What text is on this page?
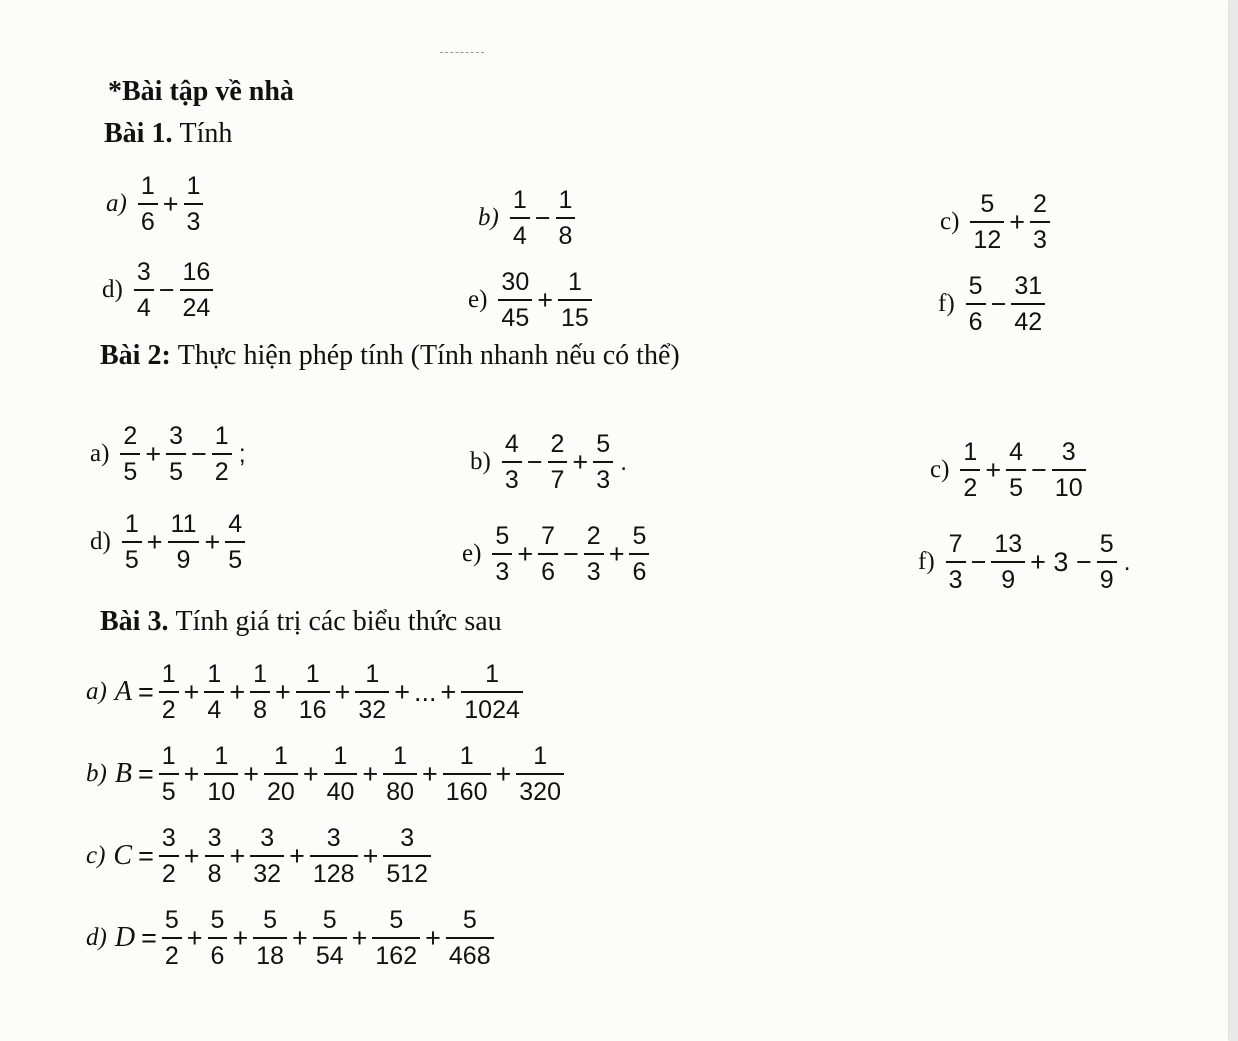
*Bài tập về nhà
Bài 1. Tính
$a) \frac{1}{6} + \frac{1}{3}$	$b) \frac{1}{4} - \frac{1}{8}$	$c) \frac{5}{12} + \frac{2}{3}$
$d) \frac{3}{4} - \frac{16}{24}$	$e) \frac{30}{45} + \frac{1}{15}$	$f) \frac{5}{6} - \frac{31}{42}$
Bài 2: Thực hiện phép tính (Tính nhanh nếu có thể)
$a) \frac{2}{5} + \frac{3}{5} - \frac{1}{2}$ ;	$b) \frac{4}{3} - \frac{2}{7} + \frac{5}{3}$ .	$c) \frac{1}{2} + \frac{4}{5} - \frac{3}{10}$
$d) \frac{1}{5} + \frac{11}{9} + \frac{4}{5}$	$e) \frac{5}{3} + \frac{7}{6} - \frac{2}{3} + \frac{5}{6}$	$f) \frac{7}{3} - \frac{13}{9} + 3 - \frac{5}{9}$ .
Bài 3. Tính giá trị các biểu thức sau
a) $A = \frac{1}{2} + \frac{1}{4} + \frac{1}{8} + \frac{1}{16} + \frac{1}{32}$ + ... + $\frac{1}{1024}$
b) $B = \frac{1}{5} + \frac{1}{10} + \frac{1}{20} + \frac{1}{40} + \frac{1}{80} + \frac{1}{160} + \frac{1}{320}$
c) $C = \frac{3}{2} + \frac{3}{8} + \frac{3}{32} + \frac{3}{128} + \frac{3}{512}$
d) $D = \frac{5}{2} + \frac{5}{6} + \frac{5}{18} + \frac{5}{54} + \frac{5}{162} + \frac{5}{468}$
